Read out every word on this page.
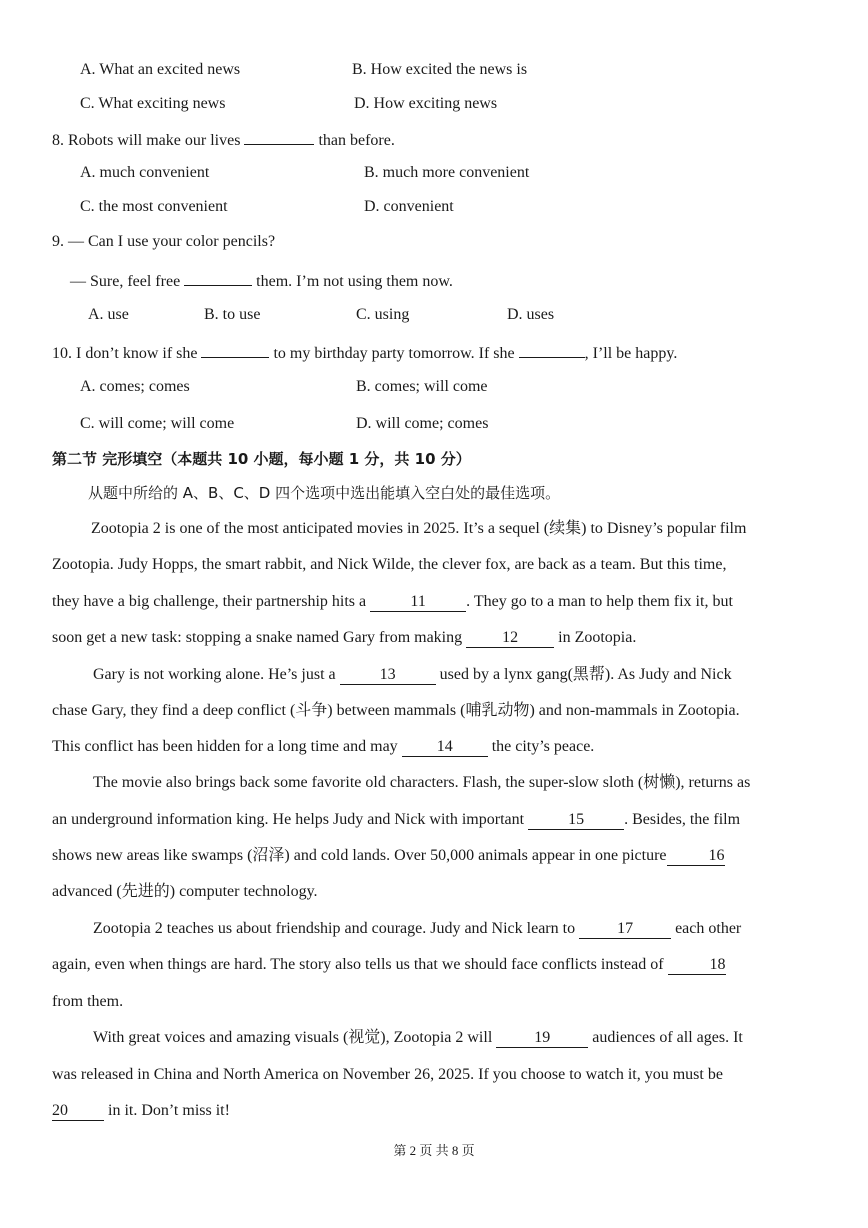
A. What an excited news	B. How excited the news is
C. What exciting news	D. How exciting news
8. Robots will make our lives	than before.
A. much convenient	B. much more convenient
C. the most convenient	D. convenient
9. — Can I use your color pencils?
— Sure, feel free	them. I’m not using them now.
A. use	B. to use	C. using	D. uses
10. I don’t know if she	to my birthday party tomorrow. If she	, I’ll be happy.
A. comes; comes	B. comes; will come
C. will come; will come	D. will come; comes
第二节 完形填空（本题共 10 小题，每小题 1 分，共 10 分）
从题中所给的 A、B、C、D 四个选项中选出能填入空白处的最佳选项。
Zootopia 2 is one of the most anticipated movies in 2025. It’s a sequel (续集) to Disney’s popular film
Zootopia. Judy Hopps, the smart rabbit, and Nick Wilde, the clever fox, are back as a team. But this time,
they have a big challenge, their partnership hits a	11	. They go to a man to help them fix it, but
soon get a new task: stopping a snake named Gary from making	12	in Zootopia.
Gary is not working alone. He’s just a	13	used by a lynx gang(黑帮). As Judy and Nick
chase Gary, they find a deep conflict (斗争) between mammals (哺乳动物) and non-mammals in Zootopia.
This conflict has been hidden for a long time and may 14 the city’s peace.
The movie also brings back some favorite old characters. Flash, the super-slow sloth (树懒), returns as
an underground information king. He helps Judy and Nick with important	15	. Besides, the film
shows new areas like swamps (沼泽) and cold lands. Over 50,000 animals appear in one picture	16
advanced (先进的) computer technology.
Zootopia 2 teaches us about friendship and courage. Judy and Nick learn to	17	each other
again, even when things are hard. The story also tells us that we should face conflicts instead of	18
from them.
With great voices and amazing visuals (视觉), Zootopia 2 will	19	audiences of all ages. It
was released in China and North America on November 26, 2025. If you choose to watch it, you must be
20	in it. Don’t miss it!
第 2 页 共 8 页
